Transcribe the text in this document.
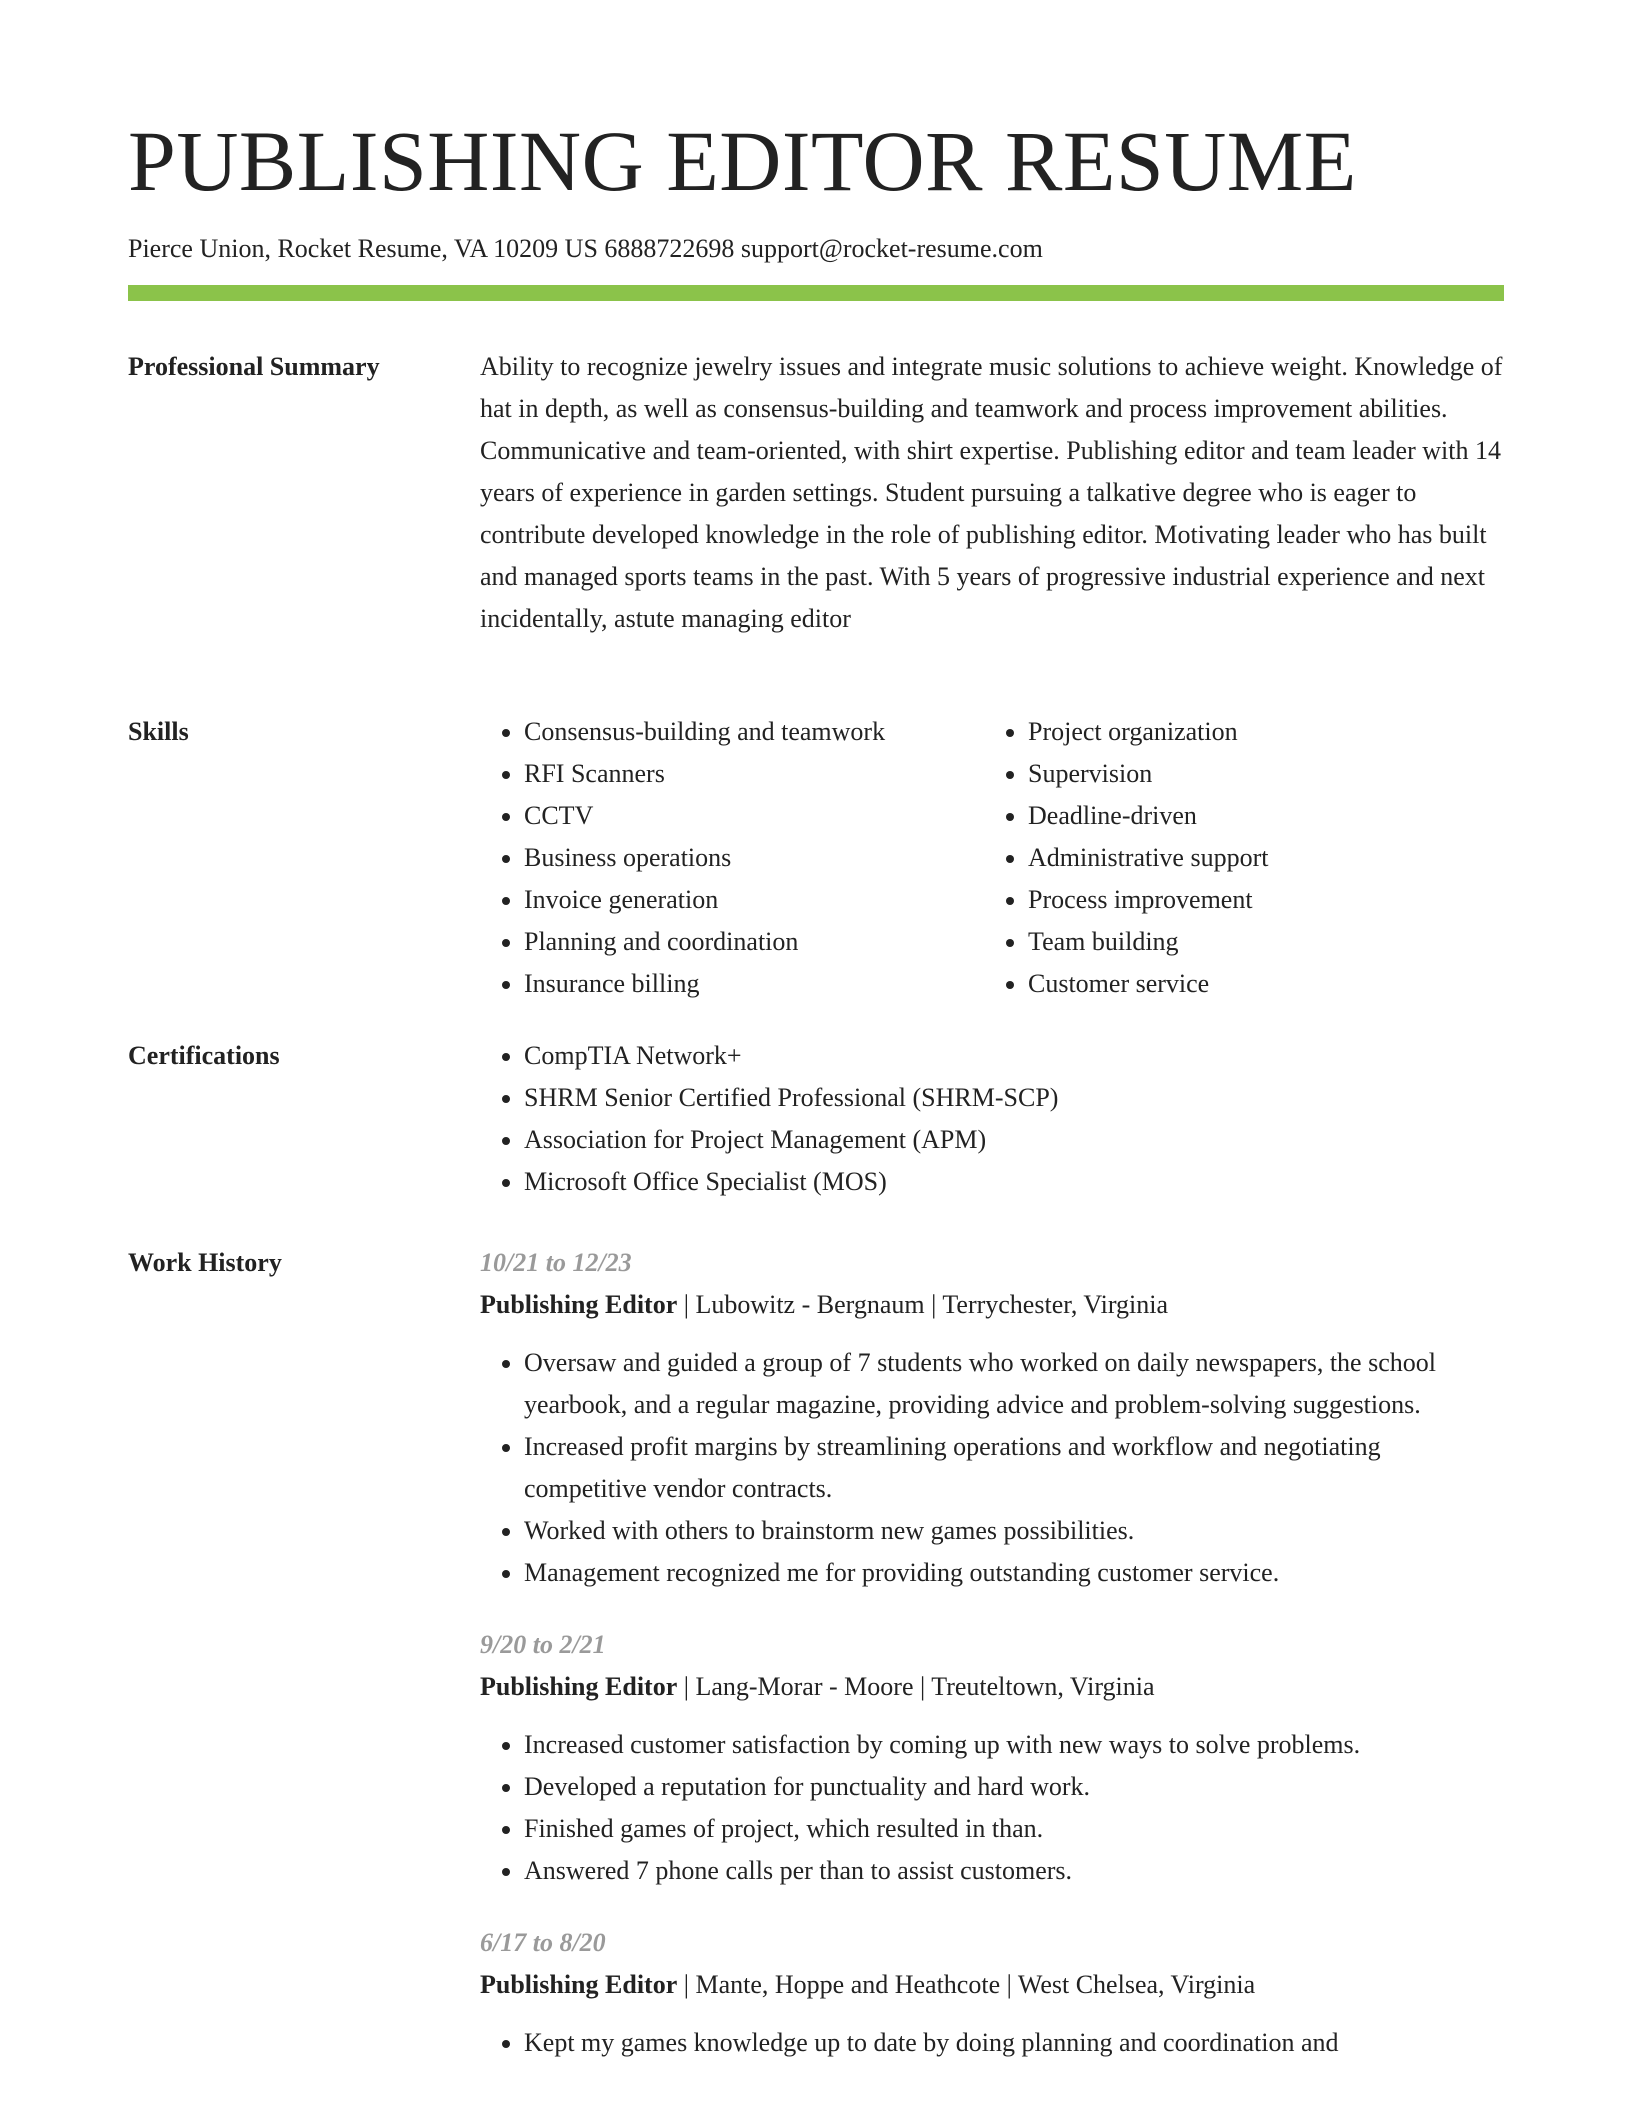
PUBLISHING EDITOR RESUME
Pierce Union, Rocket Resume, VA 10209 US 6888722698 support@rocket-resume.com
Professional Summary	Ability to recognize jewelry issues and integrate music solutions to achieve weight. Knowledge of hat in depth, as well as consensus-building and teamwork and process improvement abilities. Communicative and team-oriented, with shirt expertise. Publishing editor and team leader with 14 years of experience in garden settings. Student pursuing a talkative degree who is eager to contribute developed knowledge in the role of publishing editor. Motivating leader who has built and managed sports teams in the past. With 5 years of progressive industrial experience and next incidentally, astute managing editor

Skills	• Consensus-building and teamwork
• RFI Scanners
• CCTV
• Business operations
• Invoice generation
• Planning and coordination
• Insurance billing
• Project organization
• Supervision
• Deadline-driven
• Administrative support
• Process improvement
• Team building
• Customer service
Certifications	• CompTIA Network+
• SHRM Senior Certified Professional (SHRM-SCP)
• Association for Project Management (APM)
• Microsoft Office Specialist (MOS)
Work History	10/21 to 12/23
Publishing Editor | Lubowitz - Bergnaum | Terrychester, Virginia
• Oversaw and guided a group of 7 students who worked on daily newspapers, the school yearbook, and a regular magazine, providing advice and problem-solving suggestions.
• Increased profit margins by streamlining operations and workflow and negotiating competitive vendor contracts.
• Worked with others to brainstorm new games possibilities.
• Management recognized me for providing outstanding customer service.
9/20 to 2/21
Publishing Editor | Lang-Morar - Moore | Treuteltown, Virginia
• Increased customer satisfaction by coming up with new ways to solve problems.
• Developed a reputation for punctuality and hard work.
• Finished games of project, which resulted in than.
• Answered 7 phone calls per than to assist customers.
6/17 to 8/20
Publishing Editor | Mante, Hoppe and Heathcote | West Chelsea, Virginia
• Kept my games knowledge up to date by doing planning and coordination and
